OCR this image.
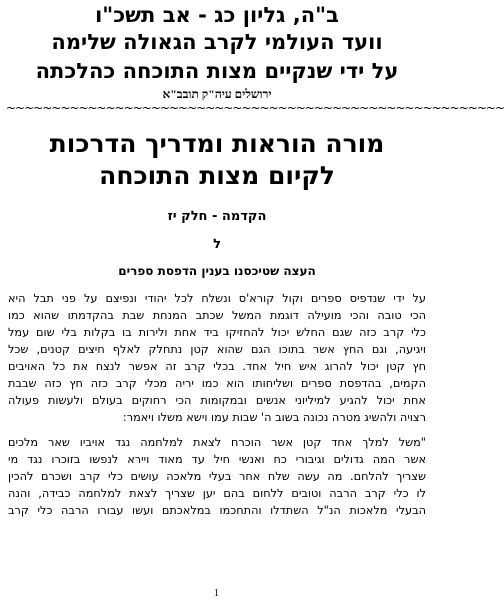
ב"ה, גליון כג - אב תשכ"ו
וועד העולמי לקרב הגאולה שלימה
על ידי שנקיים מצות התוכחה כהלכתה
ירושלים עיה"ק תובב"א
~~~~~~~~~~~~~~~~~~~~~~~~~~~~~~~~~~~~~~~~~~~~~~~~~~~~~~~
מורה הוראות ומדריך הדרכות
לקיום מצות התוכחה
הקדמה - חלק יז
ל
העצה שטיכסנו בענין הדפסת ספרים
על ידי שנדפיס ספרים וקול קורא'ס ונשלח לכל יהודי ונפיצם על פני תבל היא
הכי טובה והכי מועילה דוגמת המשל שכתב המנחת שבת בהקדמתו שהוא כמו
כלי קרב כזה שגם החלש יכול להחזיקו ביד אחת ולירות בו בקלות בלי שום עמל
ויגיעה, וגם החץ אשר בתוכו הגם שהוא קטן נתחלק לאלף חיצים קטנים, שכל
חץ קטן יכול להרוג איש חיל אחד. בכלי קרב זה אפשר לנצח את כל האויבים
הקמים, בהדפסת ספרים ושליחותו הוא כמו יריה מכלי קרב כזה חץ כזה שבבת
אחת יכול להגיע למיליוני אנשים ובמקומות הכי רחוקים בעולם ולעשות פעולה
רצויה ולהשיג מטרה נכונה בשוב ה' שבות עמו וישא משלו ויאמר:
"משל למלך אחד קטן אשר הוכרח לצאת למלחמה נגד אויביו שאר מלכים
אשר המה גדולים וגיבורי כח ואנשי חיל עד מאוד ויירא לנפשו בזוכרו נגד מי
שצריך להלחם. מה עשה שלח אחר בעלי מלאכה עושים כלי קרב ושכרם להכין
לו כלי קרב הרבה וטובים ללחום בהם יען שצריך לצאת למלחמה כבידה, והנה
הבעלי מלאכות הנ"ל השתדלו והתחכמו במלאכתם ועשו עבורו הרבה כלי קרב
1
